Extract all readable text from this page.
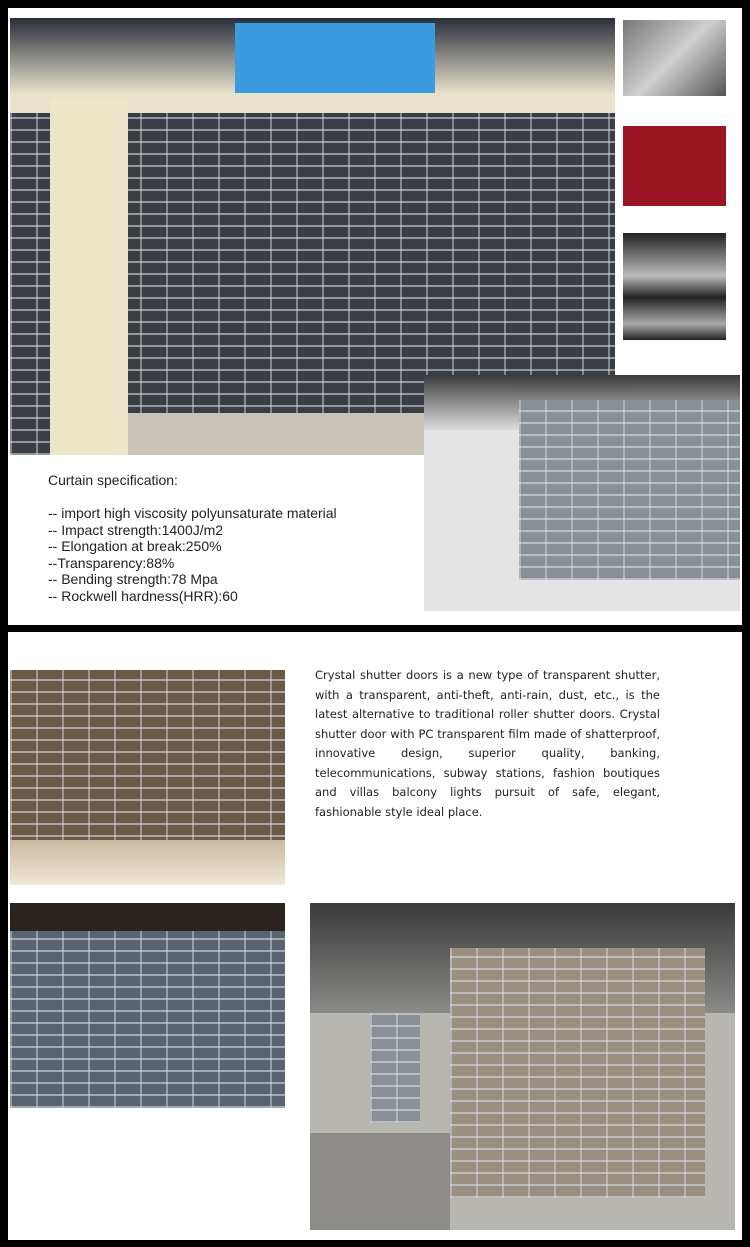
Curtain specification:
-- import high viscosity polyunsaturate material
-- Impact strength:1400J/m2
-- Elongation at break:250%
--Transparency:88%
-- Bending strength:78 Mpa
-- Rockwell hardness(HRR):60
Crystal shutter doors is a new type of transparent shutter, with a transparent, anti-theft, anti-rain, dust, etc., is the latest alternative to traditional roller shutter doors. Crystal shutter door with PC transparent film made of shatterproof, innovative design, superior quality, banking, telecommunications, subway stations, fashion boutiques and villas balcony lights pursuit of safe, elegant, fashionable style ideal place.
